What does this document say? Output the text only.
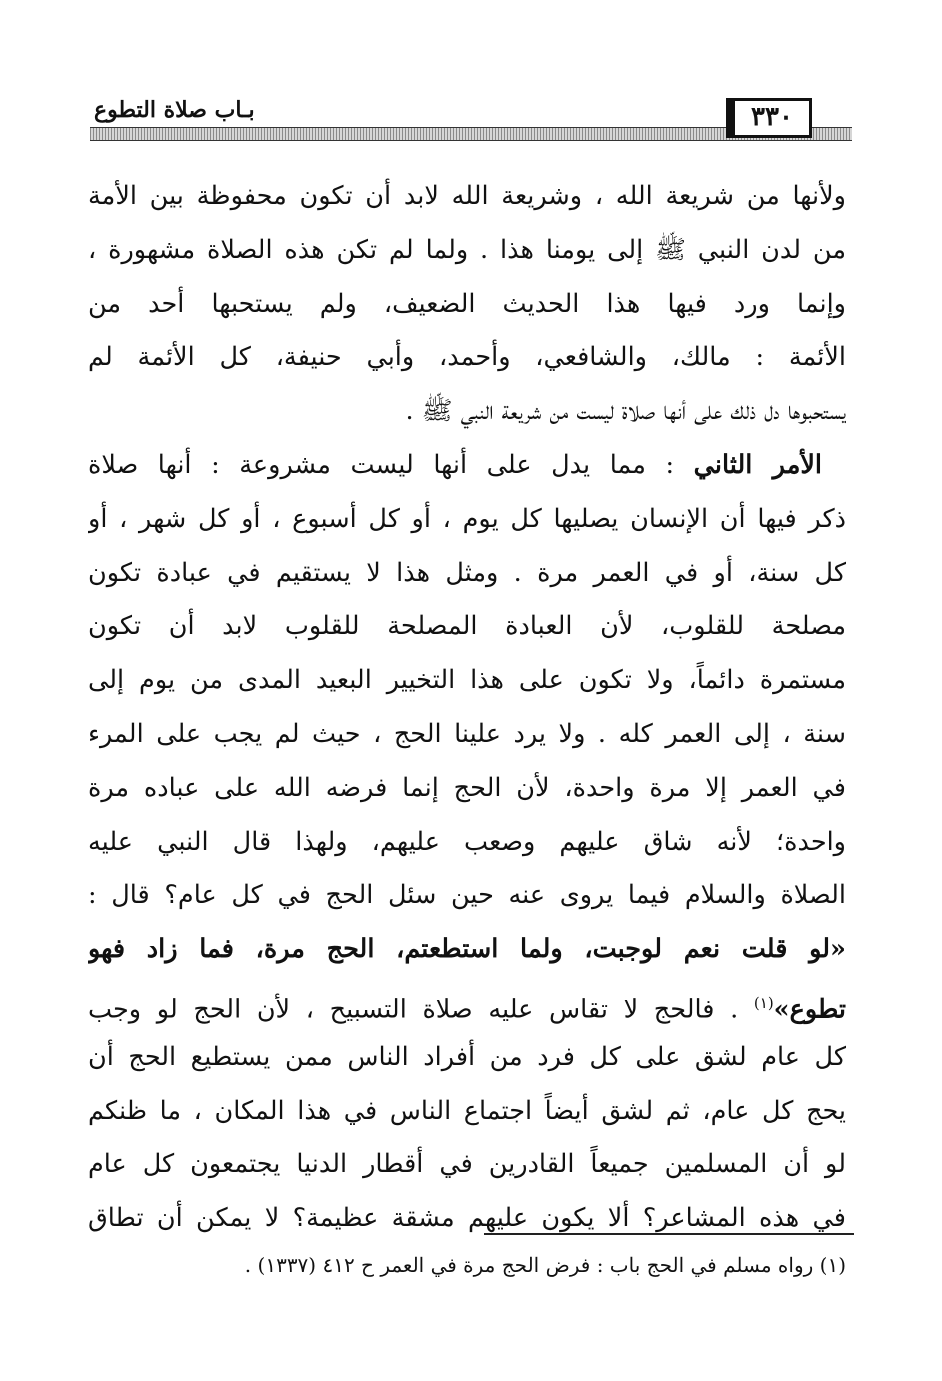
بـاب صلاة التطوع	٣٣٠
ولأنها من شريعة الله ، وشريعة الله لابد أن تكون محفوظة بين الأمة
من لدن النبي ﷺ إلى يومنا هذا . ولما لم تكن هذه الصلاة مشهورة ،
وإنما ورد فيها هذا الحديث الضعيف، ولم يستحبها أحد من
الأئمة : مالك، والشافعي، وأحمد، وأبي حنيفة، كل الأئمة لم
يستحبوها دل ذلك على أنها صلاة ليست من شريعة النبي ﷺ .
الأمر الثاني : مما يدل على أنها ليست مشروعة : أنها صلاة
ذكر فيها أن الإنسان يصليها كل يوم ، أو كل أسبوع ، أو كل شهر ، أو
كل سنة، أو في العمر مرة . ومثل هذا لا يستقيم في عبادة تكون
مصلحة للقلوب، لأن العبادة المصلحة للقلوب لابد أن تكون
مستمرة دائماً، ولا تكون على هذا التخيير البعيد المدى من يوم إلى
سنة ، إلى العمر كله . ولا يرد علينا الحج ، حيث لم يجب على المرء
في العمر إلا مرة واحدة، لأن الحج إنما فرضه الله على عباده مرة
واحدة؛ لأنه شاق عليهم وصعب عليهم، ولهذا قال النبي عليه
الصلاة والسلام فيما يروى عنه حين سئل الحج في كل عام؟ قال :
«لو قلت نعم لوجبت، ولما استطعتم، الحج مرة، فما زاد فهو
تطوع»$^{(١)}$ . فالحج لا تقاس عليه صلاة التسبيح ، لأن الحج لو وجب
كل عام لشق على كل فرد من أفراد الناس ممن يستطيع الحج أن
يحج كل عام، ثم لشق أيضاً اجتماع الناس في هذا المكان ، ما ظنكم
لو أن المسلمين جميعاً القادرين في أقطار الدنيا يجتمعون كل عام
في هذه المشاعر؟ ألا يكون عليهم مشقة عظيمة؟ لا يمكن أن تطاق
(١) رواه مسلم في الحج باب : فرض الحج مرة في العمر ح ٤١٢ (١٣٣٧) .
